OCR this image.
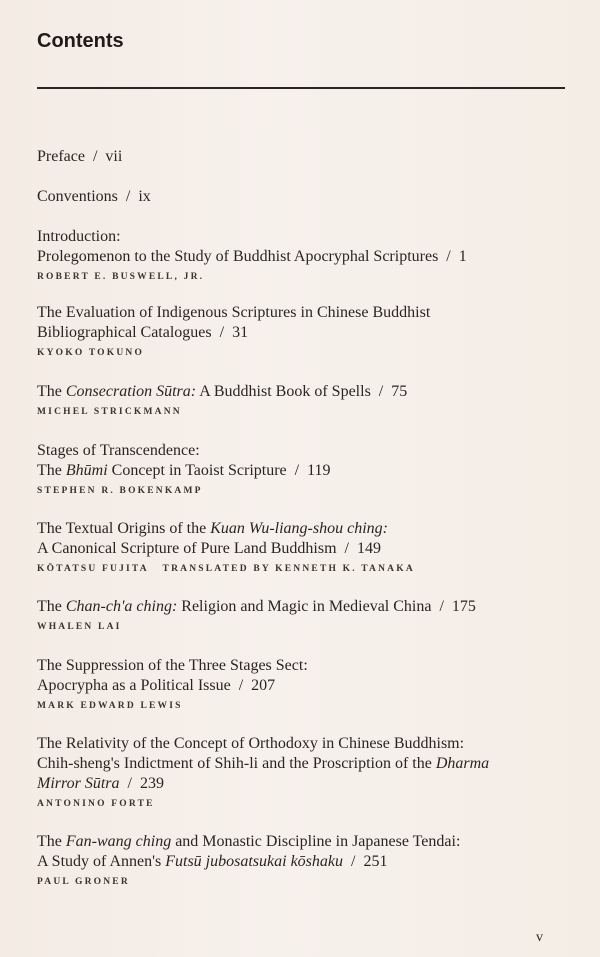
Contents
Preface  /  vii
Conventions  /  ix
Introduction:
Prolegomenon to the Study of Buddhist Apocryphal Scriptures  /  1
ROBERT E. BUSWELL, JR.
The Evaluation of Indigenous Scriptures in Chinese Buddhist
Bibliographical Catalogues  /  31
KYOKO TOKUNO
The Consecration Sūtra: A Buddhist Book of Spells  /  75
MICHEL STRICKMANN
Stages of Transcendence:
The Bhūmi Concept in Taoist Scripture  /  119
STEPHEN R. BOKENKAMP
The Textual Origins of the Kuan Wu-liang-shou ching:
A Canonical Scripture of Pure Land Buddhism  /  149
KŌTATSU FUJITA   TRANSLATED BY KENNETH K. TANAKA
The Chan-ch'a ching: Religion and Magic in Medieval China  /  175
WHALEN LAI
The Suppression of the Three Stages Sect:
Apocrypha as a Political Issue  /  207
MARK EDWARD LEWIS
The Relativity of the Concept of Orthodoxy in Chinese Buddhism:
Chih-sheng's Indictment of Shih-li and the Proscription of the Dharma
Mirror Sūtra  /  239
ANTONINO FORTE
The Fan-wang ching and Monastic Discipline in Japanese Tendai:
A Study of Annen's Futsū jubosatsukai kōshaku  /  251
PAUL GRONER
v
